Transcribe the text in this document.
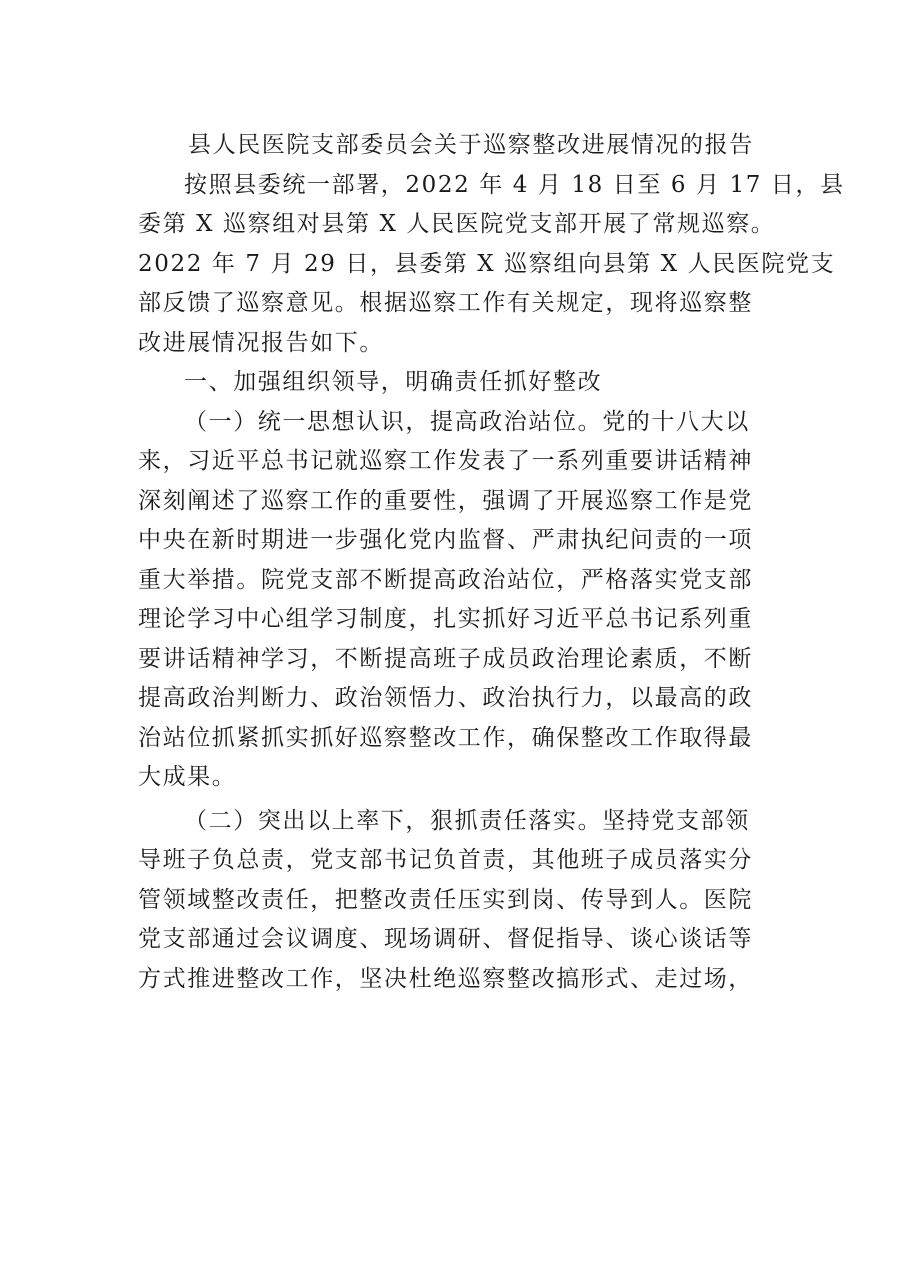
县人民医院支部委员会关于巡察整改进展情况的报告
按照县委统一部署，2022 年 4 月 18 日至 6 月 17 日，县
委第 X 巡察组对县第 X 人民医院党支部开展了常规巡察。
2022 年 7 月 29 日，县委第 X 巡察组向县第 X 人民医院党支
部反馈了巡察意见。根据巡察工作有关规定，现将巡察整
改进展情况报告如下。
一、加强组织领导，明确责任抓好整改
（一）统一思想认识，提高政治站位。党的十八大以
来，习近平总书记就巡察工作发表了一系列重要讲话精神
深刻阐述了巡察工作的重要性，强调了开展巡察工作是党
中央在新时期进一步强化党内监督、严肃执纪问责的一项
重大举措。院党支部不断提高政治站位，严格落实党支部
理论学习中心组学习制度，扎实抓好习近平总书记系列重
要讲话精神学习，不断提高班子成员政治理论素质，不断
提高政治判断力、政治领悟力、政治执行力，以最高的政
治站位抓紧抓实抓好巡察整改工作，确保整改工作取得最
大成果。
（二）突出以上率下，狠抓责任落实。坚持党支部领
导班子负总责，党支部书记负首责，其他班子成员落实分
管领域整改责任，把整改责任压实到岗、传导到人。医院
党支部通过会议调度、现场调研、督促指导、谈心谈话等
方式推进整改工作，坚决杜绝巡察整改搞形式、走过场，
